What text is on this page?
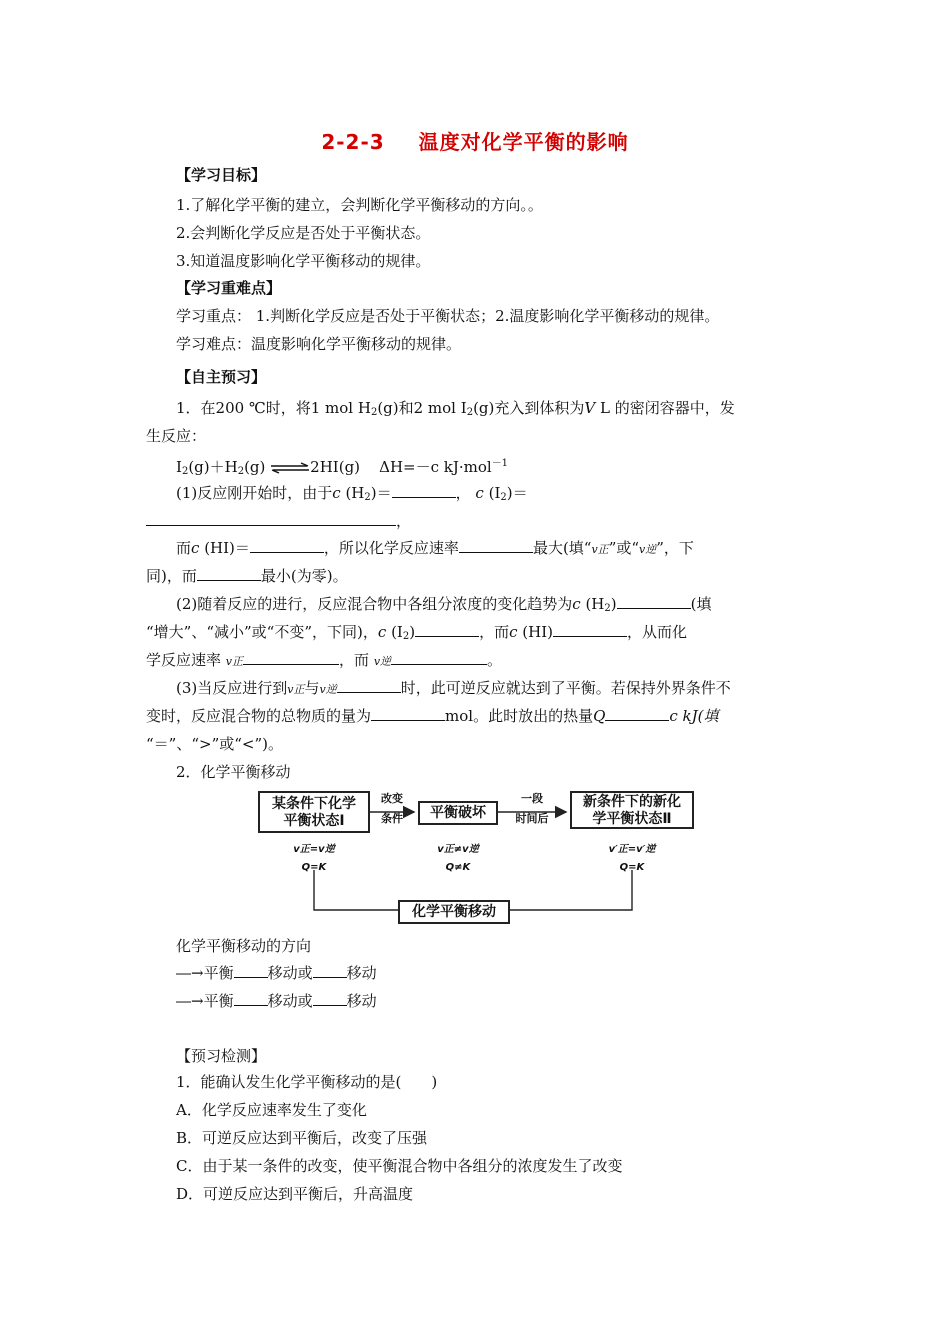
2-2-3 温度对化学平衡的影响
【学习目标】
1.了解化学平衡的建立，会判断化学平衡移动的方向。。
2.会判断化学反应是否处于平衡状态。
3.知道温度影响化学平衡移动的规律。
【学习重难点】
学习重点： 1.判断化学反应是否处于平衡状态；2.温度影响化学平衡移动的规律。
学习难点：温度影响化学平衡移动的规律。
【自主预习】
1．在200 ℃时，将1 mol $H_2(g)$和2 mol $I_2(g)$充入到体积为V L 的密闭容器中，发
生反应：
$I_2(g)+H_2(g)$ ⇌2HI(g) ΔH=－c kJ·mol$^{-1}$
(1)反应刚开始时，由于c $(H_2)=$	， c $(I_2)=$
，
而c (HI)＝	，所以化学反应速率	最大(填“v正”或“v逆”，下
同)，而	最小(为零)。
(2)随着反应的进行，反应混合物中各组分浓度的变化趋势为c $(H_2)$	(填
“增大”、“减小”或“不变”，下同)，c $(I_2)$	，而c (HI)	，从而化
学反应速率 v正	，而 v逆	。
(3)当反应进行到v正与v逆	时，此可逆反应就达到了平衡。若保持外界条件不
变时，反应混合物的总物质的量为	mol。此时放出的热量Q	c kJ(填
“＝”、“>”或“<”)。
2．化学平衡移动
某条件下化学
平衡状态Ⅰ
改变
条件	平衡破坏
一段
时间后
新条件下的新化
学平衡状态Ⅱ
v正=v逆
Q=K
v正≠v逆
Q≠K
v′正=v′逆
Q=K
化学平衡移动
化学平衡移动的方向
―→平衡 移动或 移动
―→平衡 移动或 移动
【预习检测】
1．能确认发生化学平衡移动的是(　　)
A．化学反应速率发生了变化
B．可逆反应达到平衡后，改变了压强
C．由于某一条件的改变，使平衡混合物中各组分的浓度发生了改变
D．可逆反应达到平衡后，升高温度
